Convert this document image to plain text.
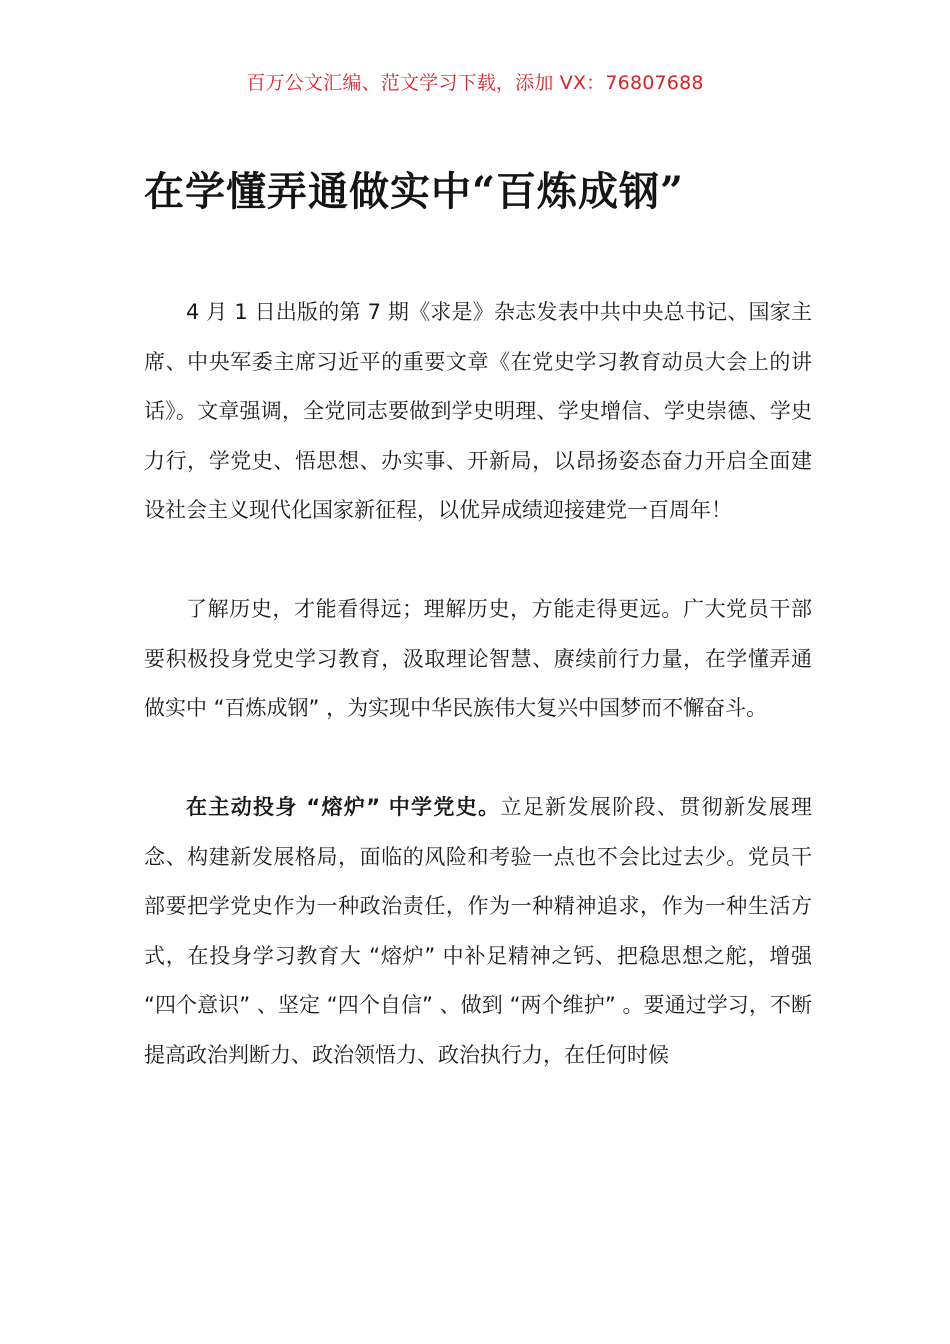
百万公文汇编、范文学习下载，添加 VX：76807688
在学懂弄通做实中“百炼成钢”

4 月 1 日出版的第 7 期《求是》杂志发表中共中央总书记、国家主席、中央军委主席习近平的重要文章《在党史学习教育动员大会上的讲话》。文章强调，全党同志要做到学史明理、学史增信、学史崇德、学史力行，学党史、悟思想、办实事、开新局，以昂扬姿态奋力开启全面建设社会主义现代化国家新征程，以优异成绩迎接建党一百周年！

了解历史，才能看得远；理解历史，方能走得更远。广大党员干部要积极投身党史学习教育，汲取理论智慧、赓续前行力量，在学懂弄通做实中 “百炼成钢” ，为实现中华民族伟大复兴中国梦而不懈奋斗。

在主动投身 “熔炉” 中学党史。立足新发展阶段、贯彻新发展理念、构建新发展格局，面临的风险和考验一点也不会比过去少。党员干部要把学党史作为一种政治责任，作为一种精神追求，作为一种生活方式，在投身学习教育大 “熔炉” 中补足精神之钙、把稳思想之舵，增强 “四个意识” 、坚定 “四个自信” 、做到 “两个维护” 。要通过学习，不断提高政治判断力、政治领悟力、政治执行力，在任何时候
